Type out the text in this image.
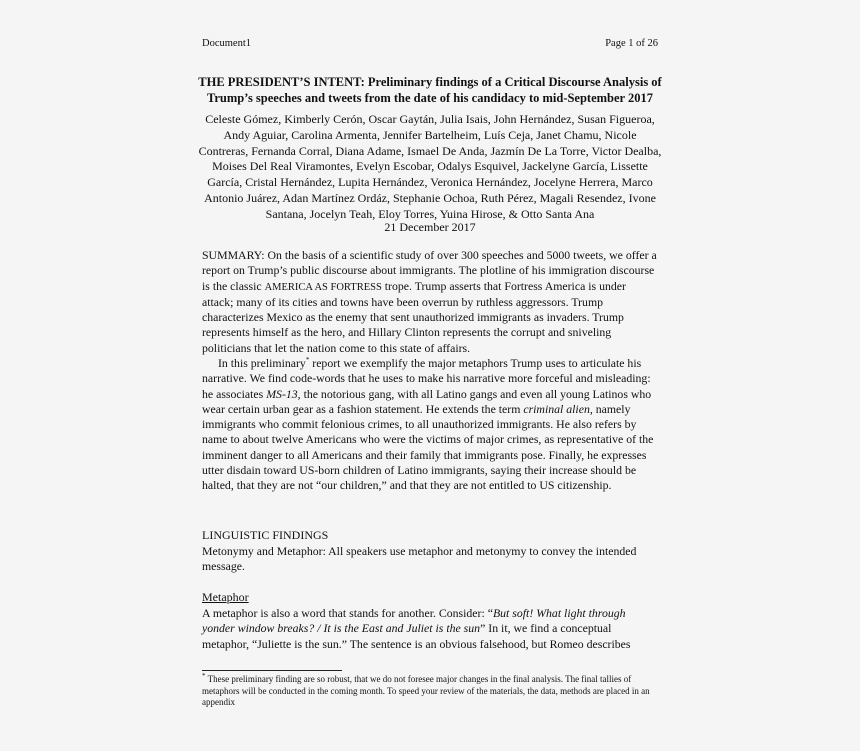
Document1	Page 1 of 26
THE PRESIDENT’S INTENT: Preliminary findings of a Critical Discourse Analysis of
Trump’s speeches and tweets from the date of his candidacy to mid-September 2017
Celeste Gómez, Kimberly Cerón, Oscar Gaytán, Julia Isais, John Hernández, Susan Figueroa, Andy Aguiar, Carolina Armenta, Jennifer Bartelheim, Luís Ceja, Janet Chamu, Nicole Contreras, Fernanda Corral, Diana Adame, Ismael De Anda, Jazmín De La Torre, Victor Dealba, Moises Del Real Viramontes, Evelyn Escobar, Odalys Esquivel, Jackelyne García, Lissette García, Cristal Hernández, Lupita Hernández, Veronica Hernández, Jocelyne Herrera, Marco Antonio Juárez, Adan Martínez Ordáz, Stephanie Ochoa, Ruth Pérez, Magali Resendez, Ivone Santana, Jocelyn Teah, Eloy Torres, Yuina Hirose, & Otto Santa Ana
21 December 2017
SUMMARY: On the basis of a scientific study of over 300 speeches and 5000 tweets, we offer a report on Trump’s public discourse about immigrants. The plotline of his immigration discourse is the classic AMERICA AS FORTRESS trope. Trump asserts that Fortress America is under attack; many of its cities and towns have been overrun by ruthless aggressors. Trump characterizes Mexico as the enemy that sent unauthorized immigrants as invaders. Trump represents himself as the hero, and Hillary Clinton represents the corrupt and sniveling politicians that let the nation come to this state of affairs.
In this preliminary* report we exemplify the major metaphors Trump uses to articulate his narrative. We find code-words that he uses to make his narrative more forceful and misleading: he associates MS-13, the notorious gang, with all Latino gangs and even all young Latinos who wear certain urban gear as a fashion statement. He extends the term criminal alien, namely immigrants who commit felonious crimes, to all unauthorized immigrants. He also refers by name to about twelve Americans who were the victims of major crimes, as representative of the imminent danger to all Americans and their family that immigrants pose. Finally, he expresses utter disdain toward US-born children of Latino immigrants, saying their increase should be halted, that they are not “our children,” and that they are not entitled to US citizenship.
LINGUISTIC FINDINGS
Metonymy and Metaphor: All speakers use metaphor and metonymy to convey the intended message.
Metaphor
A metaphor is also a word that stands for another. Consider: “But soft! What light through yonder window breaks? / It is the East and Juliet is the sun” In it, we find a conceptual metaphor, “Juliette is the sun.” The sentence is an obvious falsehood, but Romeo describes
* These preliminary finding are so robust, that we do not foresee major changes in the final analysis. The final tallies of metaphors will be conducted in the coming month. To speed your review of the materials, the data, methods are placed in an appendix
